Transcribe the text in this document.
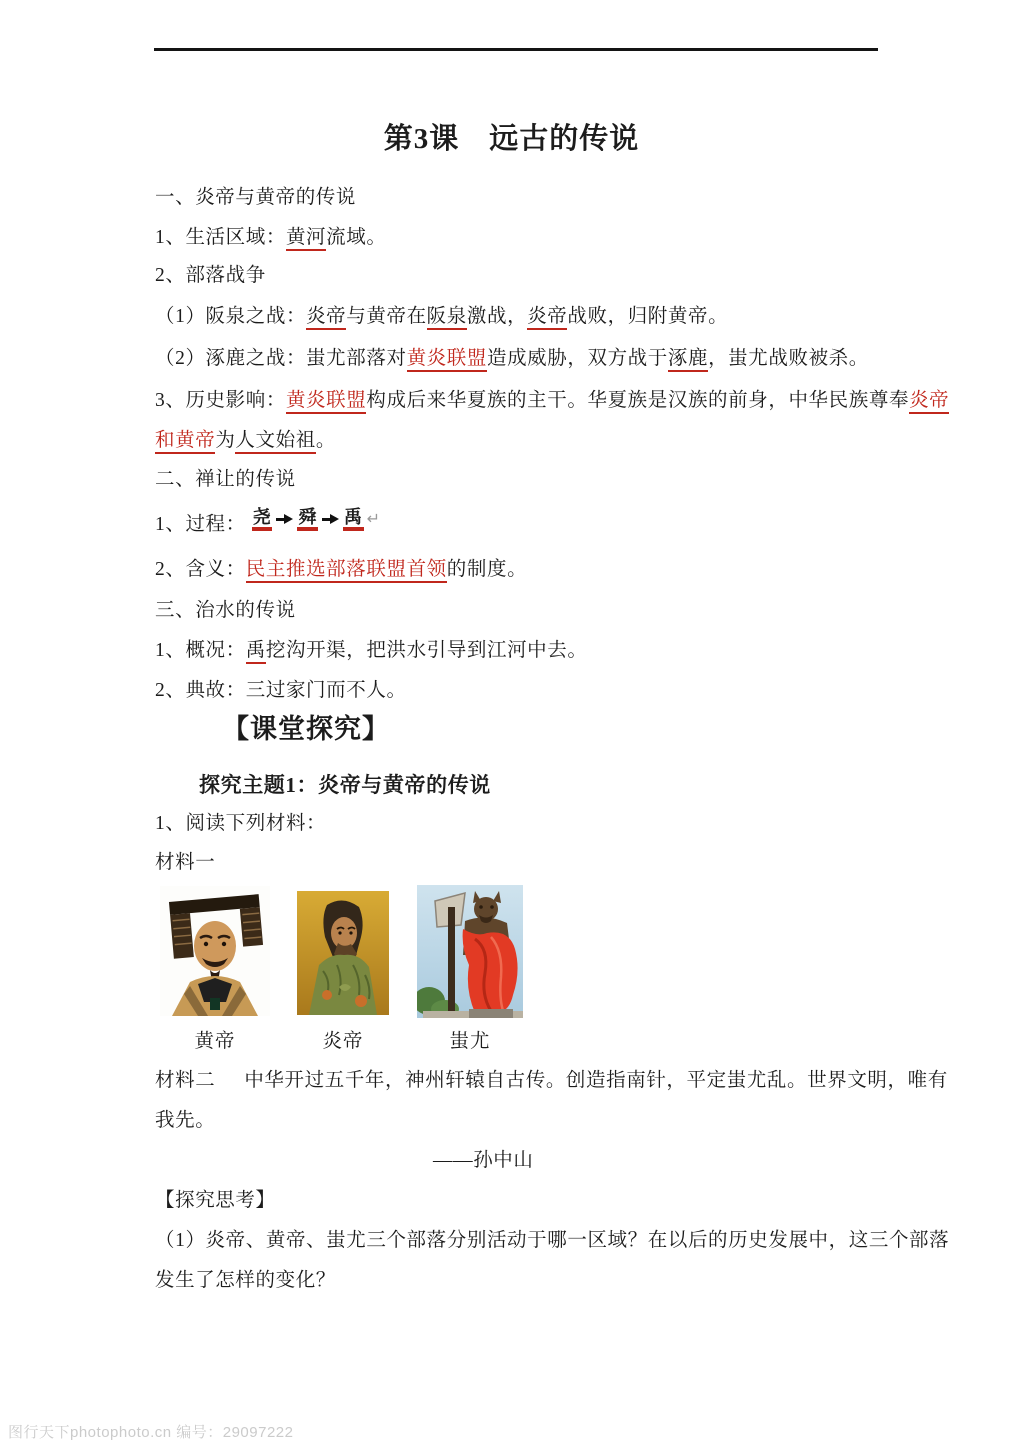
第3课　远古的传说
一、炎帝与黄帝的传说
1、生活区域：黄河流域。
2、部落战争
（1）阪泉之战：炎帝与黄帝在阪泉激战，炎帝战败，归附黄帝。
（2）涿鹿之战：蚩尤部落对黄炎联盟造成威胁，双方战于涿鹿，蚩尤战败被杀。
3、历史影响：黄炎联盟构成后来华夏族的主干。华夏族是汉族的前身，中华民族尊奉炎帝
和黄帝为人文始祖。
二、禅让的传说
1、过程： 尧 舜 禹 ↵
2、含义：民主推选部落联盟首领的制度。
三、治水的传说
1、概况：禹挖沟开渠，把洪水引导到江河中去。
2、典故：三过家门而不人。
【课堂探究】
探究主题1：炎帝与黄帝的传说
1、阅读下列材料：
材料一
黄帝	炎帝	蚩尤
材料二 中华开过五千年，神州轩辕自古传。创造指南针，平定蚩尤乱。世界文明，唯有
我先。
——孙中山
【探究思考】
（1）炎帝、黄帝、蚩尤三个部落分别活动于哪一区域？在以后的历史发展中，这三个部落
发生了怎样的变化？
图行天下photophoto.cn 编号：29097222
